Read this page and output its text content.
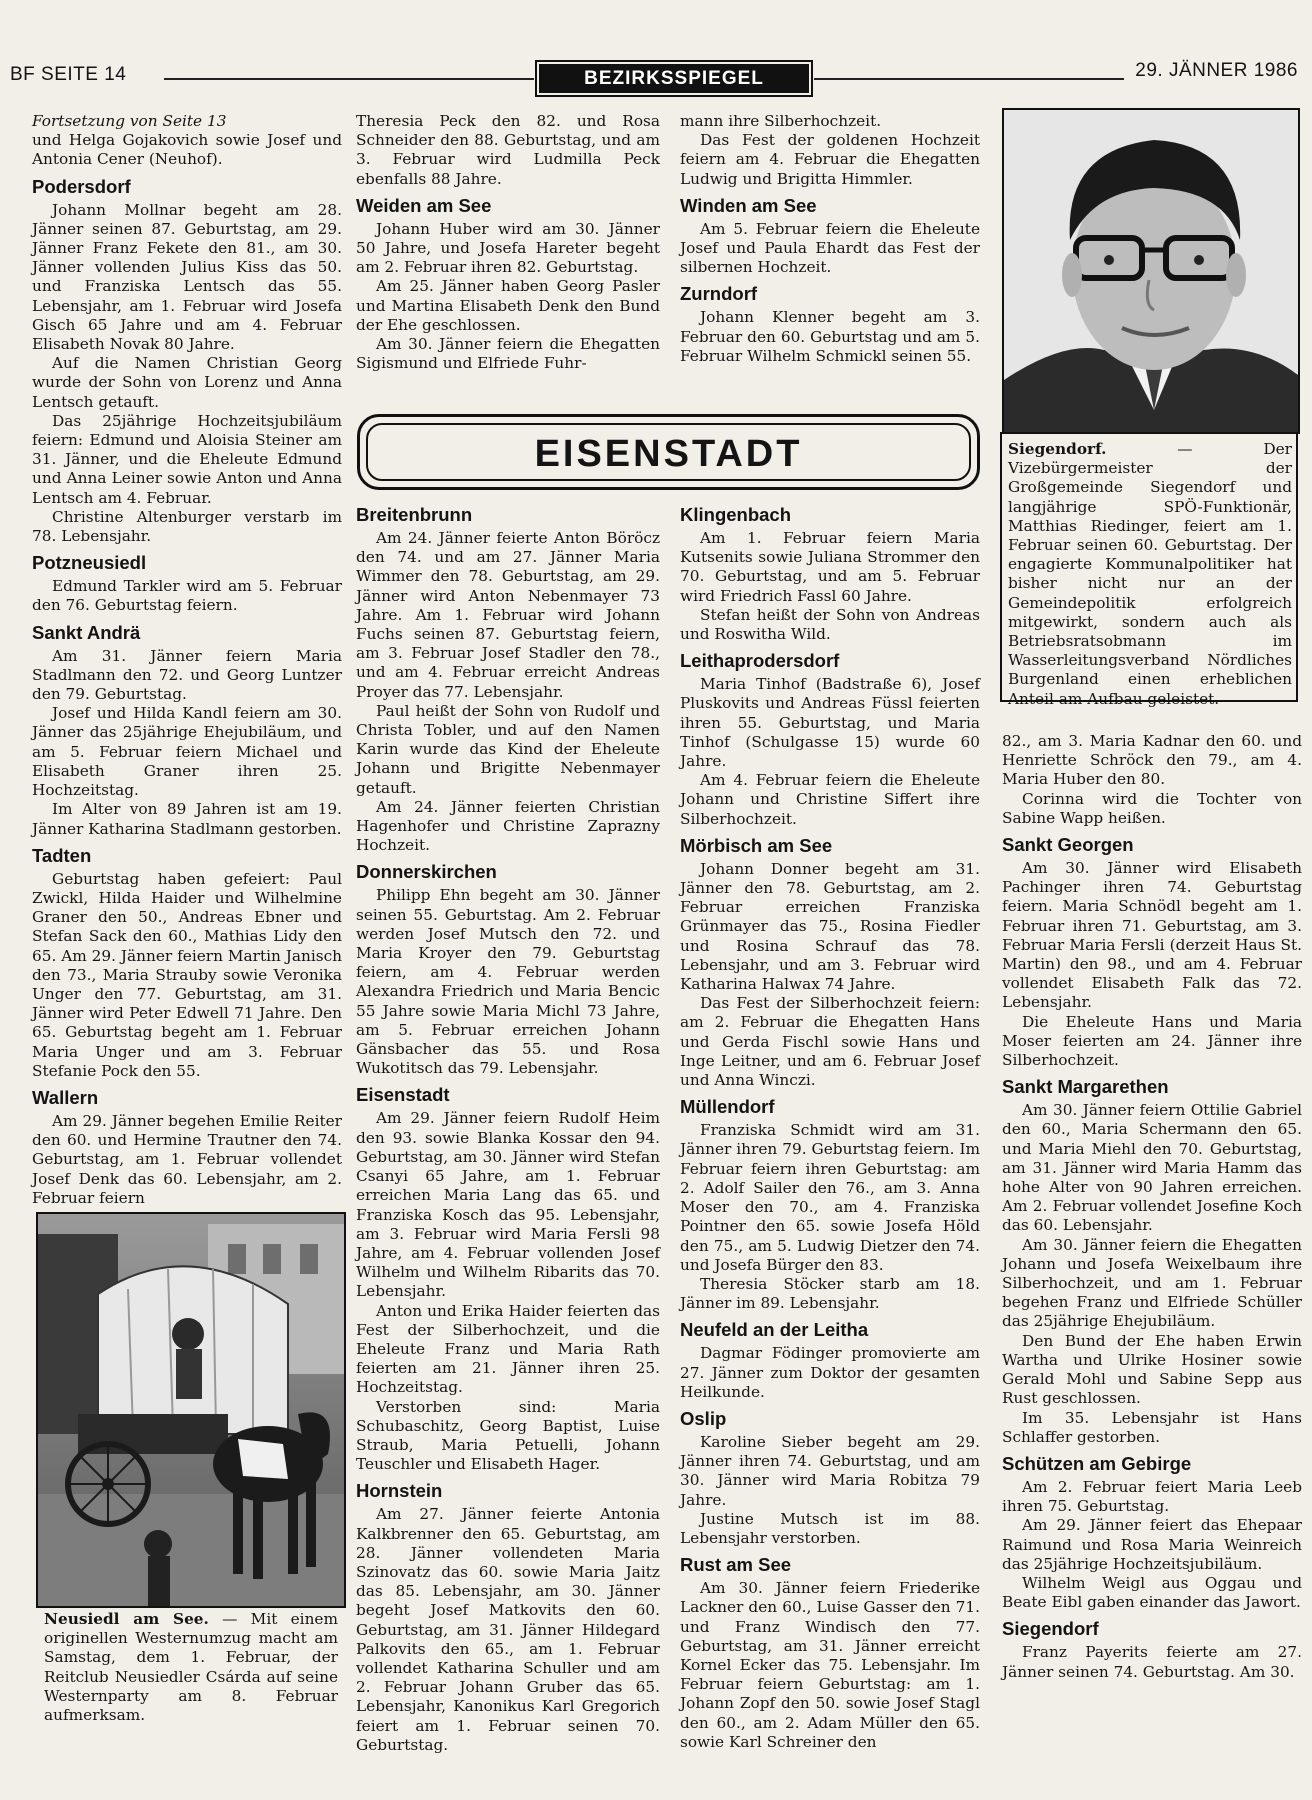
BF SEITE 14	BEZIRKSSPIEGEL	29. JÄNNER 1986

Fortsetzung von Seite 13

und Helga Gojakovich sowie Josef und Antonia Cener (Neuhof).

Podersdorf

Johann Mollnar begeht am 28. Jänner seinen 87. Geburtstag, am 29. Jänner Franz Fekete den 81., am 30. Jänner vollenden Julius Kiss das 50. und Franziska Lentsch das 55. Lebensjahr, am 1. Februar wird Josefa Gisch 65 Jahre und am 4. Februar Elisabeth Novak 80 Jahre.

Auf die Namen Christian Georg wurde der Sohn von Lorenz und Anna Lentsch getauft.

Das 25jährige Hochzeitsjubiläum feiern: Edmund und Aloisia Steiner am 31. Jänner, und die Eheleute Edmund und Anna Leiner sowie Anton und Anna Lentsch am 4. Februar.

Christine Altenburger verstarb im 78. Lebensjahr.

Potzneusiedl

Edmund Tarkler wird am 5. Februar den 76. Geburtstag feiern.

Sankt Andrä

Am 31. Jänner feiern Maria Stadlmann den 72. und Georg Luntzer den 79. Geburtstag.

Josef und Hilda Kandl feiern am 30. Jänner das 25jährige Ehejubiläum, und am 5. Februar feiern Michael und Elisabeth Graner ihren 25. Hochzeitstag.

Im Alter von 89 Jahren ist am 19. Jänner Katharina Stadlmann gestorben.

Tadten

Geburtstag haben gefeiert: Paul Zwickl, Hilda Haider und Wilhelmine Graner den 50., Andreas Ebner und Stefan Sack den 60., Mathias Lidy den 65. Am 29. Jänner feiern Martin Janisch den 73., Maria Strauby sowie Veronika Unger den 77. Geburtstag, am 31. Jänner wird Peter Edwell 71 Jahre. Den 65. Geburtstag begeht am 1. Februar Maria Unger und am 3. Februar Stefanie Pock den 55.

Wallern

Am 29. Jänner begehen Emilie Reiter den 60. und Hermine Trautner den 74. Geburtstag, am 1. Februar vollendet Josef Denk das 60. Lebensjahr, am 2. Februar feiern

Neusiedl am See. — Mit einem originellen Westernumzug macht am Samstag, dem 1. Februar, der Reitclub Neusiedler Csárda auf seine Westernparty am 8. Februar aufmerksam.

Theresia Peck den 82. und Rosa Schneider den 88. Geburtstag, und am 3. Februar wird Ludmilla Peck ebenfalls 88 Jahre.

Weiden am See

Johann Huber wird am 30. Jänner 50 Jahre, und Josefa Hareter begeht am 2. Februar ihren 82. Geburtstag.

Am 25. Jänner haben Georg Pasler und Martina Elisabeth Denk den Bund der Ehe geschlossen.

Am 30. Jänner feiern die Ehegatten Sigismund und Elfriede Fuhr-

mann ihre Silberhochzeit.

Das Fest der goldenen Hochzeit feiern am 4. Februar die Ehegatten Ludwig und Brigitta Himmler.

Winden am See

Am 5. Februar feiern die Eheleute Josef und Paula Ehardt das Fest der silbernen Hochzeit.

Zurndorf

Johann Klenner begeht am 3. Februar den 60. Geburtstag und am 5. Februar Wilhelm Schmickl seinen 55.

EISENSTADT
Breitenbrunn

Am 24. Jänner feierte Anton Böröcz den 74. und am 27. Jänner Maria Wimmer den 78. Geburtstag, am 29. Jänner wird Anton Nebenmayer 73 Jahre. Am 1. Februar wird Johann Fuchs seinen 87. Geburtstag feiern, am 3. Februar Josef Stadler den 78., und am 4. Februar erreicht Andreas Proyer das 77. Lebensjahr.

Paul heißt der Sohn von Rudolf und Christa Tobler, und auf den Namen Karin wurde das Kind der Eheleute Johann und Brigitte Nebenmayer getauft.

Am 24. Jänner feierten Christian Hagenhofer und Christine Zaprazny Hochzeit.

Donnerskirchen

Philipp Ehn begeht am 30. Jänner seinen 55. Geburtstag. Am 2. Februar werden Josef Mutsch den 72. und Maria Kroyer den 79. Geburtstag feiern, am 4. Februar werden Alexandra Friedrich und Maria Bencic 55 Jahre sowie Maria Michl 73 Jahre, am 5. Februar erreichen Johann Gänsbacher das 55. und Rosa Wukotitsch das 79. Lebensjahr.

Eisenstadt

Am 29. Jänner feiern Rudolf Heim den 93. sowie Blanka Kossar den 94. Geburtstag, am 30. Jänner wird Stefan Csanyi 65 Jahre, am 1. Februar erreichen Maria Lang das 65. und Franziska Kosch das 95. Lebensjahr, am 3. Februar wird Maria Fersli 98 Jahre, am 4. Februar vollenden Josef Wilhelm und Wilhelm Ribarits das 70. Lebensjahr.

Anton und Erika Haider feierten das Fest der Silberhochzeit, und die Eheleute Franz und Maria Rath feierten am 21. Jänner ihren 25. Hochzeitstag.

Verstorben sind: Maria Schubaschitz, Georg Baptist, Luise Straub, Maria Petuelli, Johann Teuschler und Elisabeth Hager.

Hornstein

Am 27. Jänner feierte Antonia Kalkbrenner den 65. Geburtstag, am 28. Jänner vollendeten Maria Szinovatz das 60. sowie Maria Jaitz das 85. Lebensjahr, am 30. Jänner begeht Josef Matkovits den 60. Geburtstag, am 31. Jänner Hildegard Palkovits den 65., am 1. Februar vollendet Katharina Schuller und am 2. Februar Johann Gruber das 65. Lebensjahr, Kanonikus Karl Gregorich feiert am 1. Februar seinen 70. Geburtstag.

Klingenbach

Am 1. Februar feiern Maria Kutsenits sowie Juliana Strommer den 70. Geburtstag, und am 5. Februar wird Friedrich Fassl 60 Jahre.

Stefan heißt der Sohn von Andreas und Roswitha Wild.

Leithaprodersdorf

Maria Tinhof (Badstraße 6), Josef Pluskovits und Andreas Füssl feierten ihren 55. Geburtstag, und Maria Tinhof (Schulgasse 15) wurde 60 Jahre.

Am 4. Februar feiern die Eheleute Johann und Christine Siffert ihre Silberhochzeit.

Mörbisch am See

Johann Donner begeht am 31. Jänner den 78. Geburtstag, am 2. Februar erreichen Franziska Grünmayer das 75., Rosina Fiedler und Rosina Schrauf das 78. Lebensjahr, und am 3. Februar wird Katharina Halwax 74 Jahre.

Das Fest der Silberhochzeit feiern: am 2. Februar die Ehegatten Hans und Gerda Fischl sowie Hans und Inge Leitner, und am 6. Februar Josef und Anna Winczi.

Müllendorf

Franziska Schmidt wird am 31. Jänner ihren 79. Geburtstag feiern. Im Februar feiern ihren Geburtstag: am 2. Adolf Sailer den 76., am 3. Anna Moser den 70., am 4. Franziska Pointner den 65. sowie Josefa Höld den 75., am 5. Ludwig Dietzer den 74. und Josefa Bürger den 83.

Theresia Stöcker starb am 18. Jänner im 89. Lebensjahr.

Neufeld an der Leitha

Dagmar Födinger promovierte am 27. Jänner zum Doktor der gesamten Heilkunde.

Oslip

Karoline Sieber begeht am 29. Jänner ihren 74. Geburtstag, und am 30. Jänner wird Maria Robitza 79 Jahre.

Justine Mutsch ist im 88. Lebensjahr verstorben.

Rust am See

Am 30. Jänner feiern Friederike Lackner den 60., Luise Gasser den 71. und Franz Windisch den 77. Geburtstag, am 31. Jänner erreicht Kornel Ecker das 75. Lebensjahr. Im Februar feiern Geburtstag: am 1. Johann Zopf den 50. sowie Josef Stagl den 60., am 2. Adam Müller den 65. sowie Karl Schreiner den

Siegendorf. — Der Vizebürgermeister der Großgemeinde Siegendorf und langjährige SPÖ-Funktionär, Matthias Riedinger, feiert am 1. Februar seinen 60. Geburtstag. Der engagierte Kommunalpolitiker hat bisher nicht nur an der Gemeindepolitik erfolgreich mitgewirkt, sondern auch als Betriebsratsobmann im Wasserleitungsverband Nördliches Burgenland einen erheblichen Anteil am Aufbau geleistet.

82., am 3. Maria Kadnar den 60. und Henriette Schröck den 79., am 4. Maria Huber den 80.

Corinna wird die Tochter von Sabine Wapp heißen.

Sankt Georgen

Am 30. Jänner wird Elisabeth Pachinger ihren 74. Geburtstag feiern. Maria Schnödl begeht am 1. Februar ihren 71. Geburtstag, am 3. Februar Maria Fersli (derzeit Haus St. Martin) den 98., und am 4. Februar vollendet Elisabeth Falk das 72. Lebensjahr.

Die Eheleute Hans und Maria Moser feierten am 24. Jänner ihre Silberhochzeit.

Sankt Margarethen

Am 30. Jänner feiern Ottilie Gabriel den 60., Maria Schermann den 65. und Maria Miehl den 70. Geburtstag, am 31. Jänner wird Maria Hamm das hohe Alter von 90 Jahren erreichen. Am 2. Februar vollendet Josefine Koch das 60. Lebensjahr.

Am 30. Jänner feiern die Ehegatten Johann und Josefa Weixelbaum ihre Silberhochzeit, und am 1. Februar begehen Franz und Elfriede Schüller das 25jährige Ehejubiläum.

Den Bund der Ehe haben Erwin Wartha und Ulrike Hosiner sowie Gerald Mohl und Sabine Sepp aus Rust geschlossen.

Im 35. Lebensjahr ist Hans Schlaffer gestorben.

Schützen am Gebirge

Am 2. Februar feiert Maria Leeb ihren 75. Geburtstag.

Am 29. Jänner feiert das Ehepaar Raimund und Rosa Maria Weinreich das 25jährige Hochzeitsjubiläum.

Wilhelm Weigl aus Oggau und Beate Eibl gaben einander das Jawort.

Siegendorf

Franz Payerits feierte am 27. Jänner seinen 74. Geburtstag. Am 30.
